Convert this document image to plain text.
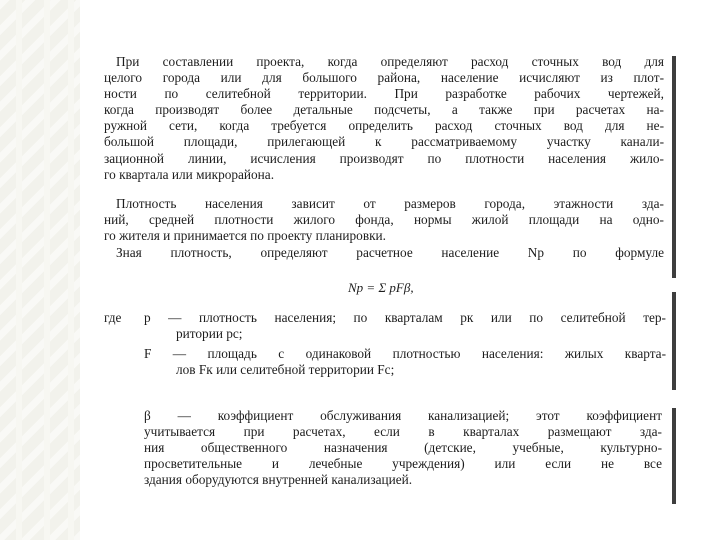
При составлении проекта, когда определяют расход сточных вод для
целого города или для большого района, население исчисляют из плот-
ности по селитебной территории. При разработке рабочих чертежей,
когда производят более детальные подсчеты, а также при расчетах на-
ружной сети, когда требуется определить расход сточных вод для не-
большой площади, прилегающей к рассматриваемому участку канали-
зационной линии, исчисления производят по плотности населения жило-
го квартала или микрорайона.
Плотность населения зависит от размеров города, этажности зда-
ний, средней плотности жилого фонда, нормы жилой площади на одно-
го жителя и принимается по проекту планировки.
Зная плотность, определяют расчетное население Nр по формуле
Nр = Σ pFβ,
где	p — плотность населения; по кварталам pк или по селитебной тер-
ритории pс;
F — площадь с одинаковой плотностью населения: жилых кварта-
лов Fк или селитебной территории Fс;
β — коэффициент обслуживания канализацией; этот коэффициент
учитывается при расчетах, если в кварталах размещают зда-
ния общественного назначения (детские, учебные, культурно-
просветительные и лечебные учреждения) или если не все
здания оборудуются внутренней канализацией.
